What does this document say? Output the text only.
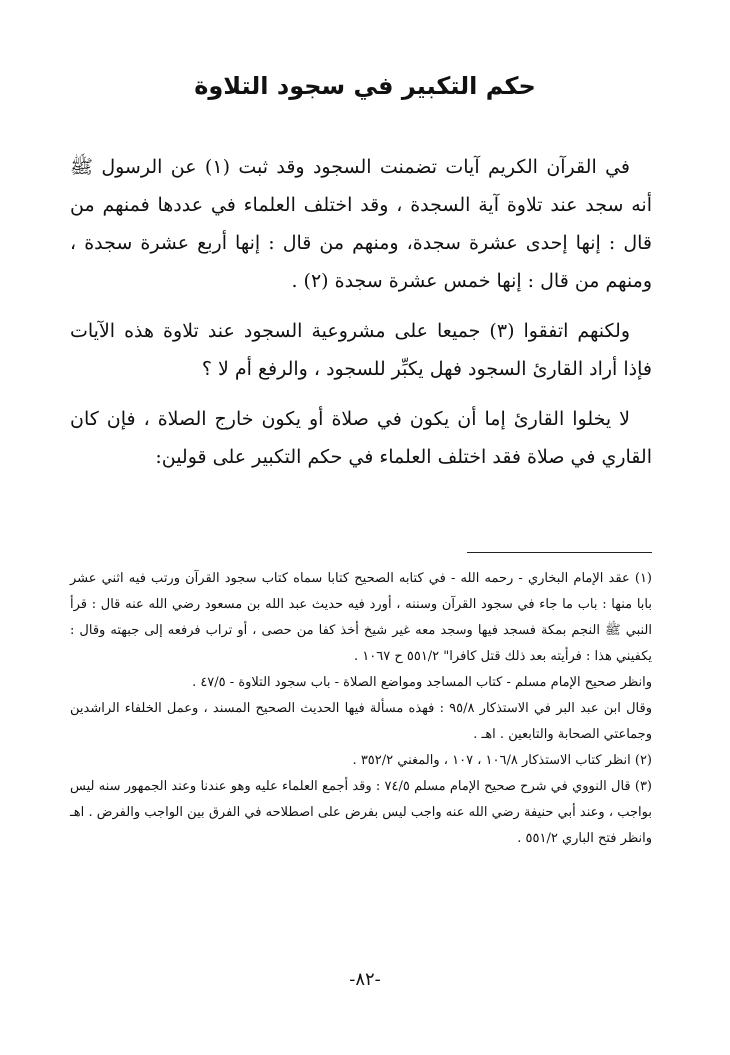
حكم التكبير في سجود التلاوة

في القرآن الكريم آيات تضمنت السجود وقد ثبت (١) عن الرسول ﷺ أنه سجد عند تلاوة آية السجدة ، وقد اختلف العلماء في عددها فمنهم من قال : إنها إحدى عشرة سجدة، ومنهم من قال : إنها أربع عشرة سجدة ، ومنهم من قال : إنها خمس عشرة سجدة (٢) .

ولكنهم اتفقوا (٣) جميعا على مشروعية السجود عند تلاوة هذه الآيات فإذا أراد القارئ السجود فهل يكبِّر للسجود ، والرفع أم لا ؟

لا يخلوا القارئ إما أن يكون في صلاة أو يكون خارج الصلاة ، فإن كان القاري في صلاة فقد اختلف العلماء في حكم التكبير على قولين:

(١) عقد الإمام البخاري - رحمه الله - في كتابه الصحيح كتابا سماه كتاب سجود القرآن ورتب فيه اثني عشر بابا منها : باب ما جاء في سجود القرآن وسننه ، أورد فيه حديث عبد الله بن مسعود رضي الله عنه قال : قرأ النبي ﷺ النجم بمكة فسجد فيها وسجد معه غير شيخ أخذ كفا من حصى ، أو تراب فرفعه إلى جبهته وقال : يكفيني هذا : فرأيته بعد ذلك قتل كافرا" ٥٥١/٢ ح ١٠٦٧ .

وانظر صحيح الإمام مسلم - كتاب المساجد ومواضع الصلاة - باب سجود التلاوة - ٤٧/٥ .

وقال ابن عبد البر في الاستذكار ٩٥/٨ : فهذه مسألة فيها الحديث الصحيح المسند ، وعمل الخلفاء الراشدين وجماعتي الصحابة والتابعين . اهـ .

(٢) انظر كتاب الاستذكار ١٠٦/٨ ، ١٠٧ ، والمغني ٣٥٢/٢ .

(٣) قال النووي في شرح صحيح الإمام مسلم ٧٤/٥ : وقد أجمع العلماء عليه وهو عندنا وعند الجمهور سنه ليس بواجب ، وعند أبي حنيفة رضي الله عنه واجب ليس بفرض على اصطلاحه في الفرق بين الواجب والفرض . اهـ وانظر فتح الباري ٥٥١/٢ .

-٨٢-
